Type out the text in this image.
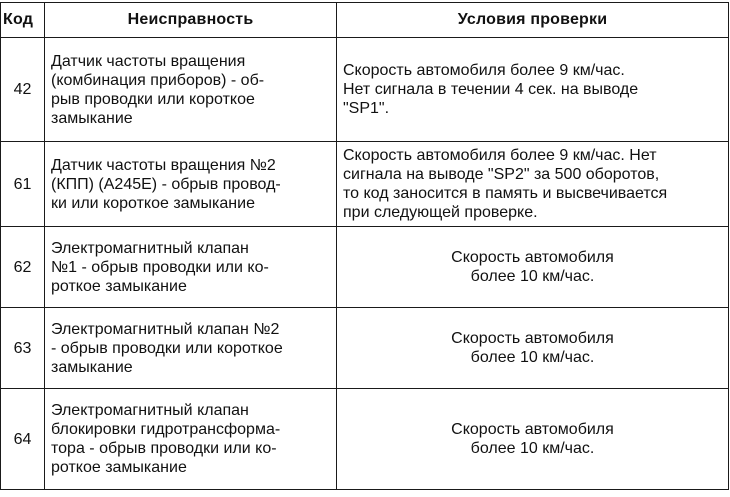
Код	Неисправность	Условия проверки
42	Датчик частоты вращения
(комбинация приборов) - об-
рыв проводки или короткое
замыкание	Скорость автомобиля более 9 км/час.
Нет сигнала в течении 4 сек. на выводе
"SP1".

61	Датчик частоты вращения №2
(КПП) (А245Е) - обрыв провод-
ки или короткое замыкание	Скорость автомобиля более 9 км/час. Нет
сигнала на выводе "SP2" за 500 оборотов,
то код заносится в память и высвечивается
при следующей проверке.

62	Электромагнитный клапан
№1 - обрыв проводки или ко-
роткое замыкание	Скорость автомобиля
более 10 км/час.

63	Электромагнитный клапан №2
- обрыв проводки или короткое
замыкание	Скорость автомобиля
более 10 км/час.

64	Электромагнитный клапан
блокировки гидротрансформа-
тора - обрыв проводки или ко-
роткое замыкание	Скорость автомобиля
более 10 км/час.
